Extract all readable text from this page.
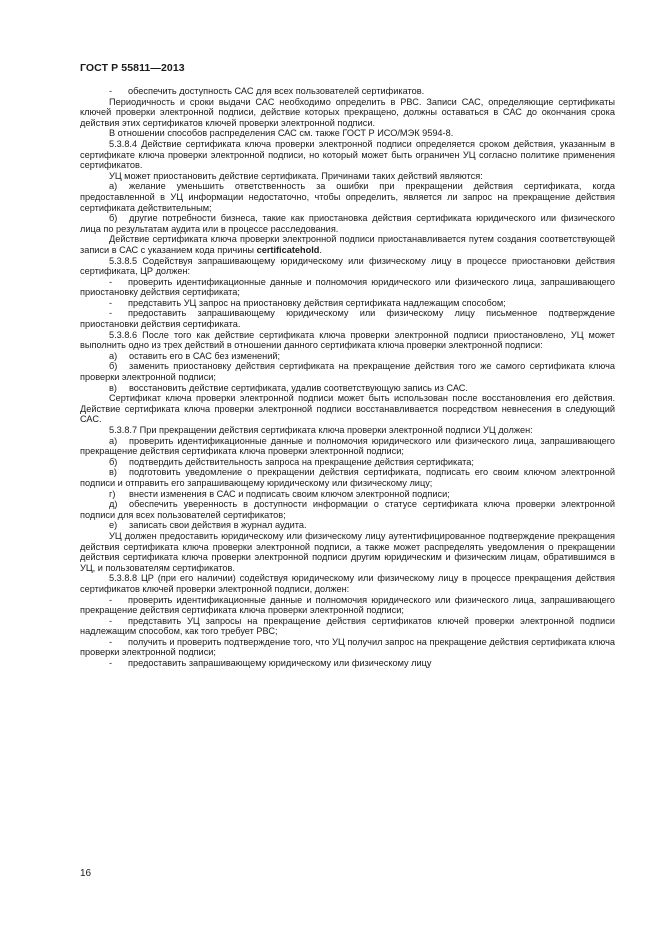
ГОСТ Р 55811—2013

- обеспечить доступность САС для всех пользователей сертификатов.

Периодичность и сроки выдачи САС необходимо определить в РВС. Записи САС, определяющие сертификаты ключей проверки электронной подписи, действие которых прекращено, должны оставаться в САС до окончания срока действия этих сертификатов ключей проверки электронной подписи.

В отношении способов распределения САС см. также ГОСТ Р ИСО/МЭК 9594-8.

5.3.8.4 Действие сертификата ключа проверки электронной подписи определяется сроком действия, указанным в сертификате ключа проверки электронной подписи, но который может быть ограничен УЦ согласно политике применения сертификатов.

УЦ может приостановить действие сертификата. Причинами таких действий являются:

а) желание уменьшить ответственность за ошибки при прекращении действия сертификата, когда предоставленной в УЦ информации недостаточно, чтобы определить, является ли запрос на прекращение действия сертификата действительным;

б) другие потребности бизнеса, такие как приостановка действия сертификата юридического или физического лица по результатам аудита или в процессе расследования.

Действие сертификата ключа проверки электронной подписи приостанавливается путем создания соответствующей записи в САС с указанием кода причины certificatehold.

5.3.8.5 Содействуя запрашивающему юридическому или физическому лицу в процессе приостановки действия сертификата, ЦР должен:

- проверить идентификационные данные и полномочия юридического или физического лица, запрашивающего приостановку действия сертификата;

- представить УЦ запрос на приостановку действия сертификата надлежащим способом;

- предоставить запрашивающему юридическому или физическому лицу письменное подтверждение приостановки действия сертификата.

5.3.8.6 После того как действие сертификата ключа проверки электронной подписи приостановлено, УЦ может выполнить одно из трех действий в отношении данного сертификата ключа проверки электронной подписи:

а) оставить его в САС без изменений;

б) заменить приостановку действия сертификата на прекращение действия того же самого сертификата ключа проверки электронной подписи;

в) восстановить действие сертификата, удалив соответствующую запись из САС.

Сертификат ключа проверки электронной подписи может быть использован после восстановления его действия. Действие сертификата ключа проверки электронной подписи восстанавливается посредством невнесения в следующий САС.

5.3.8.7 При прекращении действия сертификата ключа проверки электронной подписи УЦ должен:

а) проверить идентификационные данные и полномочия юридического или физического лица, запрашивающего прекращение действия сертификата ключа проверки электронной подписи;

б) подтвердить действительность запроса на прекращение действия сертификата;

в) подготовить уведомление о прекращении действия сертификата, подписать его своим ключом электронной подписи и отправить его запрашивающему юридическому или физическому лицу;

г) внести изменения в САС и подписать своим ключом электронной подписи;

д) обеспечить уверенность в доступности информации о статусе сертификата ключа проверки электронной подписи для всех пользователей сертификатов;

е) записать свои действия в журнал аудита.

УЦ должен предоставить юридическому или физическому лицу аутентифицированное подтверждение прекращения действия сертификата ключа проверки электронной подписи, а также может распределять уведомления о прекращении действия сертификата ключа проверки электронной подписи другим юридическим и физическим лицам, обратившимся в УЦ, и пользователям сертификатов.

5.3.8.8 ЦР (при его наличии) содействуя юридическому или физическому лицу в процессе прекращения действия сертификатов ключей проверки электронной подписи, должен:

- проверить идентификационные данные и полномочия юридического или физического лица, запрашивающего прекращение действия сертификата ключа проверки электронной подписи;

- представить УЦ запросы на прекращение действия сертификатов ключей проверки электронной подписи надлежащим способом, как того требует РВС;

- получить и проверить подтверждение того, что УЦ получил запрос на прекращение действия сертификата ключа проверки электронной подписи;

- предоставить запрашивающему юридическому или физическому лицу

16
